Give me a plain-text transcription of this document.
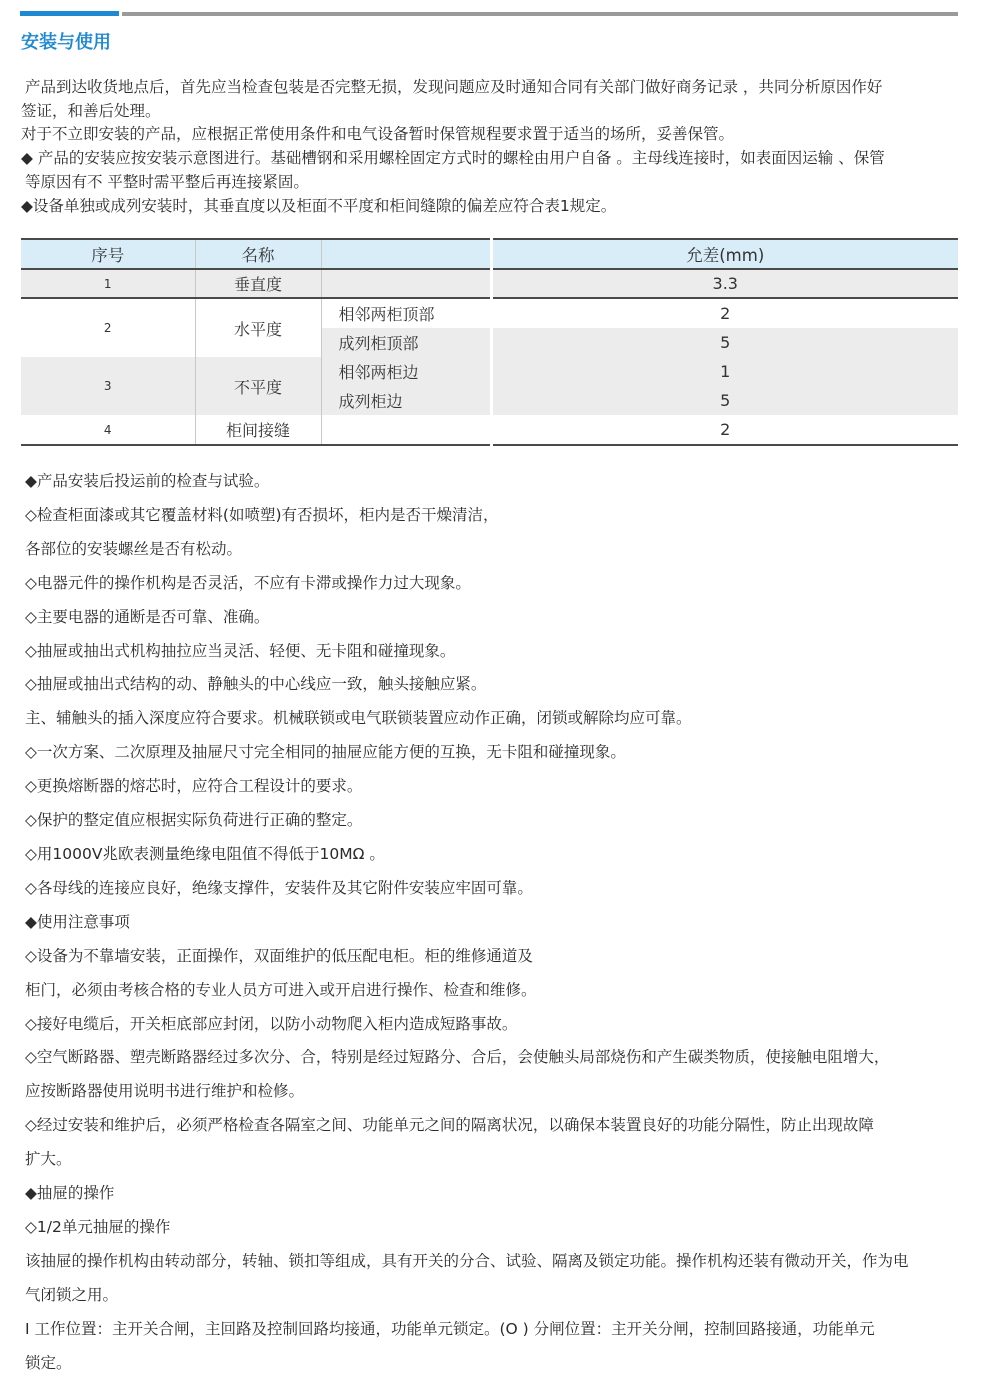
安装与使用

产品到达收货地点后，首先应当检查包装是否完整无损，发现问题应及时通知合同有关部门做好商务记录 ，共同分析原因作好

签证，和善后处理。

对于不立即安装的产品，应根据正常使用条件和电气设备暂时保管规程要求置于适当的场所，妥善保管。

◆ 产品的安装应按安装示意图进行。基础槽钢和采用螺栓固定方式时的螺栓由用户自备 。主母线连接时，如表面因运输 、保管

等原因有不 平整时需平整后再连接紧固。

◆设备单独或成列安装时，其垂直度以及柜面不平度和柜间缝隙的偏差应符合表1规定。

序号	名称		允差(mm)
1	垂直度		3.3
2	水平度	相邻两柜顶部	2
		成列柜顶部	5
3	不平度	相邻两柜边	1
		成列柜边	5
4	柜间接缝		2
◆产品安装后投运前的检查与试验。
◇检查柜面漆或其它覆盖材料(如喷塑)有否损坏，柜内是否干燥清洁，
各部位的安装螺丝是否有松动。
◇电器元件的操作机构是否灵活，不应有卡滞或操作力过大现象。
◇主要电器的通断是否可靠、准确。
◇抽屉或抽出式机构抽拉应当灵活、轻便、无卡阻和碰撞现象。
◇抽屉或抽出式结构的动、静触头的中心线应一致，触头接触应紧。
主、辅触头的插入深度应符合要求。机械联锁或电气联锁装置应动作正确，闭锁或解除均应可靠。
◇一次方案、二次原理及抽屉尺寸完全相同的抽屉应能方便的互换，无卡阻和碰撞现象。
◇更换熔断器的熔芯时，应符合工程设计的要求。
◇保护的整定值应根据实际负荷进行正确的整定。
◇用1000V兆欧表测量绝缘电阻值不得低于10MΩ 。
◇各母线的连接应良好，绝缘支撑件，安装件及其它附件安装应牢固可靠。
◆使用注意事项
◇设备为不靠墙安装，正面操作，双面维护的低压配电柜。柜的维修通道及
柜门，必须由考核合格的专业人员方可进入或开启进行操作、检查和维修。
◇接好电缆后，开关柜底部应封闭，以防小动物爬入柜内造成短路事故。
◇空气断路器、塑壳断路器经过多次分、合，特别是经过短路分、合后，会使触头局部烧伤和产生碳类物质，使接触电阻增大，
应按断路器使用说明书进行维护和检修。
◇经过安装和维护后，必须严格检查各隔室之间、功能单元之间的隔离状况，以确保本装置良好的功能分隔性，防止出现故障
扩大。
◆抽屉的操作
◇1/2单元抽屉的操作
该抽屉的操作机构由转动部分，转轴、锁扣等组成，具有开关的分合、试验、隔离及锁定功能。操作机构还装有微动开关，作为电
气闭锁之用。
Ⅰ 工作位置：主开关合闸，主回路及控制回路均接通，功能单元锁定。(O ) 分闸位置：主开关分闸，控制回路接通，功能单元
锁定。
